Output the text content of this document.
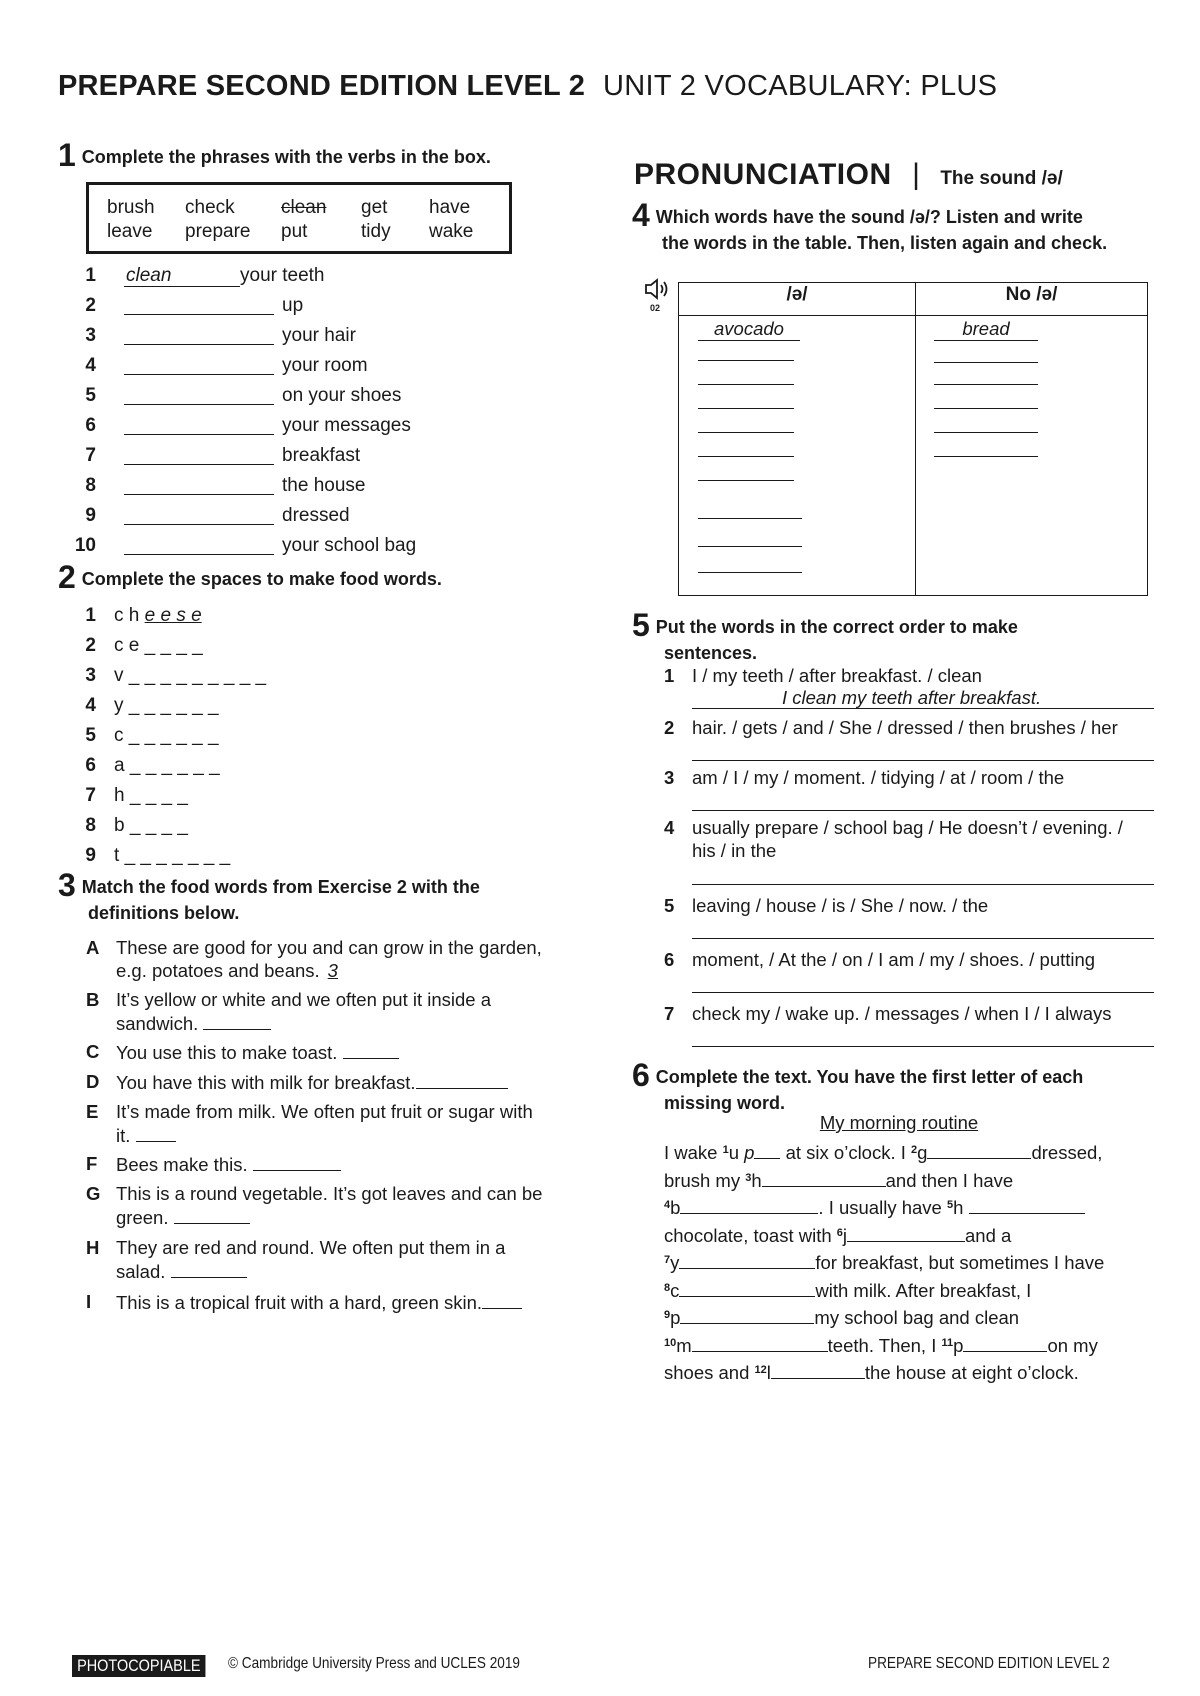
PREPARE SECOND EDITION LEVEL 2 UNIT 2 VOCABULARY: PLUS
1 Complete the phrases with the verbs in the box.
brush check clean get have
leave prepare put	tidy wake
1 clean	your teeth
2	up
3	your hair
4	your room
5	on your shoes
6	your messages
7	breakfast
8	the house
9	dressed
10	your school bag
2 Complete the spaces to make food words.
1 c h e e s e
2 c e _ _ _ _
3 v _ _ _ _ _ _ _ _ _
4 y _ _ _ _ _ _
5 c _ _ _ _ _ _
6 a _ _ _ _ _ _
7 h _ _ _ _
8 b _ _ _ _
9 t _ _ _ _ _ _ _
3 Match the food words from Exercise 2 with the
definitions below.
A These are good for you and can grow in the garden,
e.g. potatoes and beans. 3
B It’s yellow or white and we often put it inside a
sandwich.
C You use this to make toast.
D You have this with milk for breakfast.
E It’s made from milk. We often put fruit or sugar with
it.
F Bees make this.
G This is a round vegetable. It’s got leaves and can be
green.
H They are red and round. We often put them in a
salad.
I This is a tropical fruit with a hard, green skin.
PRONUNCIATION | The sound /ə/
4 Which words have the sound /ə/? Listen and write
the words in the table. Then, listen again and check.
02
/ə/	No /ə/

avocado	bread
5 Put the words in the correct order to make
sentences.
1 I / my teeth / after breakfast. / clean
I clean my teeth after breakfast.
2 hair. / gets / and / She / dressed / then brushes / her
3 am / I / my / moment. / tidying / at / room / the
4 usually prepare / school bag / He doesn’t / evening. /
his / in the
5 leaving / house / is / She / now. / the
6 moment, / At the / on / I am / my / shoes. / putting
7 check my / wake up. / messages / when I / I always
6 Complete the text. You have the first letter of each
missing word.
My morning routine
I wake $^1$u p at six o’clock. I $^2$g	dressed,
brush my $^3$h	and then I have
$^4$b	. I usually have $^5$h
chocolate, toast with $^6$j	and a
$^7$y	for breakfast, but sometimes I have
$^8$c	with milk. After breakfast, I
$^9$p	my school bag and clean
$^{10}$m	teeth. Then, I $^{11}$p	on my
shoes and $^{12}$l	the house at eight o’clock.
PHOTOCOPIABLE	© Cambridge University Press and UCLES 2019	PREPARE SECOND EDITION LEVEL 2
